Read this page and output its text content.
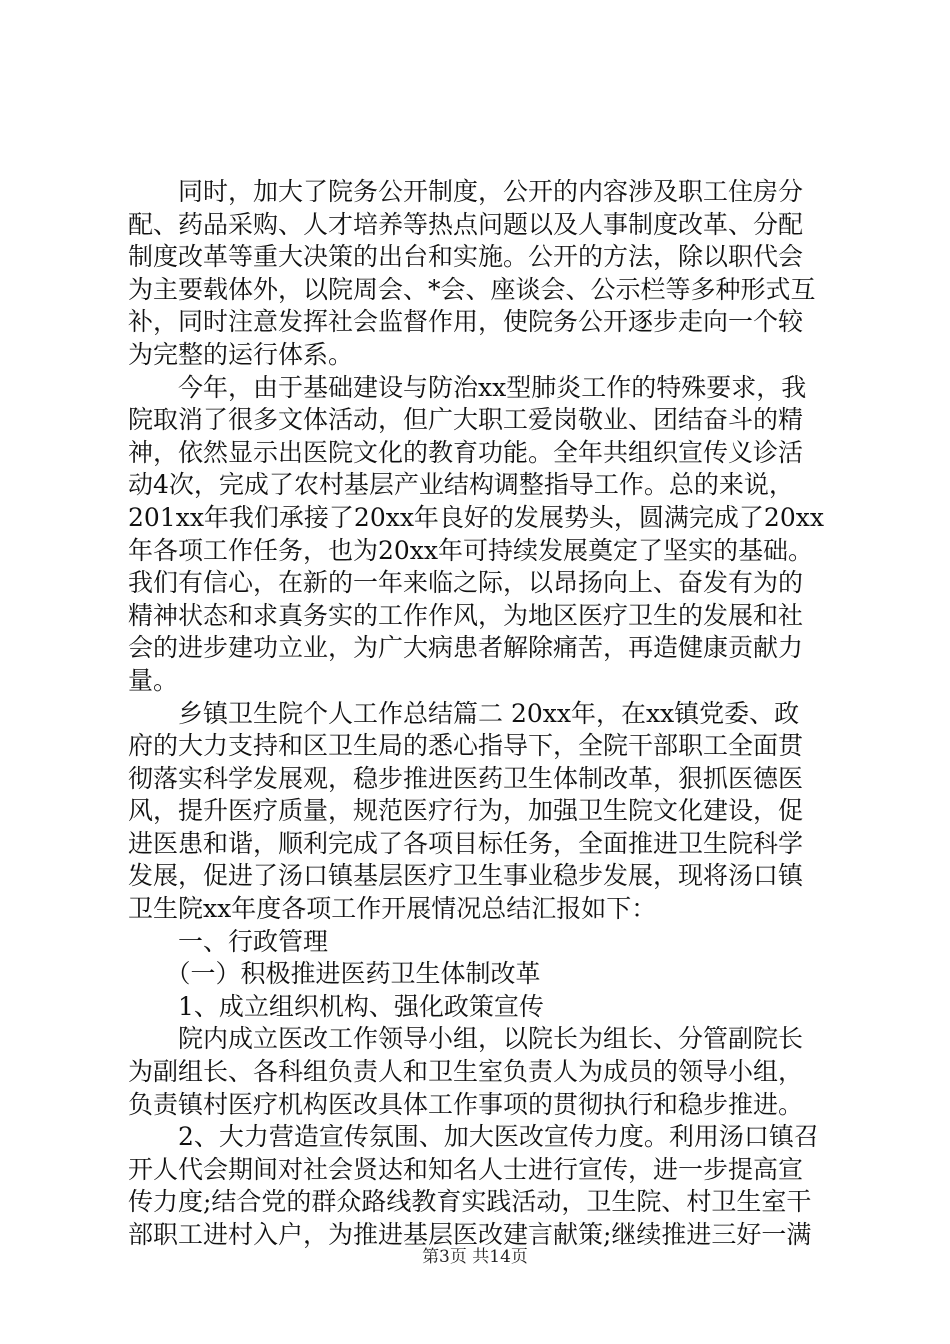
　　同时，加大了院务公开制度，公开的内容涉及职工住房分
配、药品采购、人才培养等热点问题以及人事制度改革、分配
制度改革等重大决策的出台和实施。公开的方法，除以职代会
为主要载体外，以院周会、*会、座谈会、公示栏等多种形式互
补，同时注意发挥社会监督作用，使院务公开逐步走向一个较
为完整的运行体系。
　　今年，由于基础建设与防治xx型肺炎工作的特殊要求，我
院取消了很多文体活动，但广大职工爱岗敬业、团结奋斗的精
神，依然显示出医院文化的教育功能。全年共组织宣传义诊活
动4次，完成了农村基层产业结构调整指导工作。总的来说，
201xx年我们承接了20xx年良好的发展势头，圆满完成了20xx
年各项工作任务，也为20xx年可持续发展奠定了坚实的基础。
我们有信心，在新的一年来临之际，以昂扬向上、奋发有为的
精神状态和求真务实的工作作风，为地区医疗卫生的发展和社
会的进步建功立业，为广大病患者解除痛苦，再造健康贡献力
量。
　　乡镇卫生院个人工作总结篇二 20xx年，在xx镇党委、政
府的大力支持和区卫生局的悉心指导下，全院干部职工全面贯
彻落实科学发展观，稳步推进医药卫生体制改革，狠抓医德医
风，提升医疗质量，规范医疗行为，加强卫生院文化建设，促
进医患和谐，顺利完成了各项目标任务，全面推进卫生院科学
发展，促进了汤口镇基层医疗卫生事业稳步发展，现将汤口镇
卫生院xx年度各项工作开展情况总结汇报如下：
　　一、行政管理
　　（一）积极推进医药卫生体制改革
　　1、成立组织机构、强化政策宣传
　　院内成立医改工作领导小组，以院长为组长、分管副院长
为副组长、各科组负责人和卫生室负责人为成员的领导小组，
负责镇村医疗机构医改具体工作事项的贯彻执行和稳步推进。
　　2、大力营造宣传氛围、加大医改宣传力度。利用汤口镇召
开人代会期间对社会贤达和知名人士进行宣传，进一步提高宣
传力度;结合党的群众路线教育实践活动，卫生院、村卫生室干
部职工进村入户，为推进基层医改建言献策;继续推进三好一满
第3页 共14页
